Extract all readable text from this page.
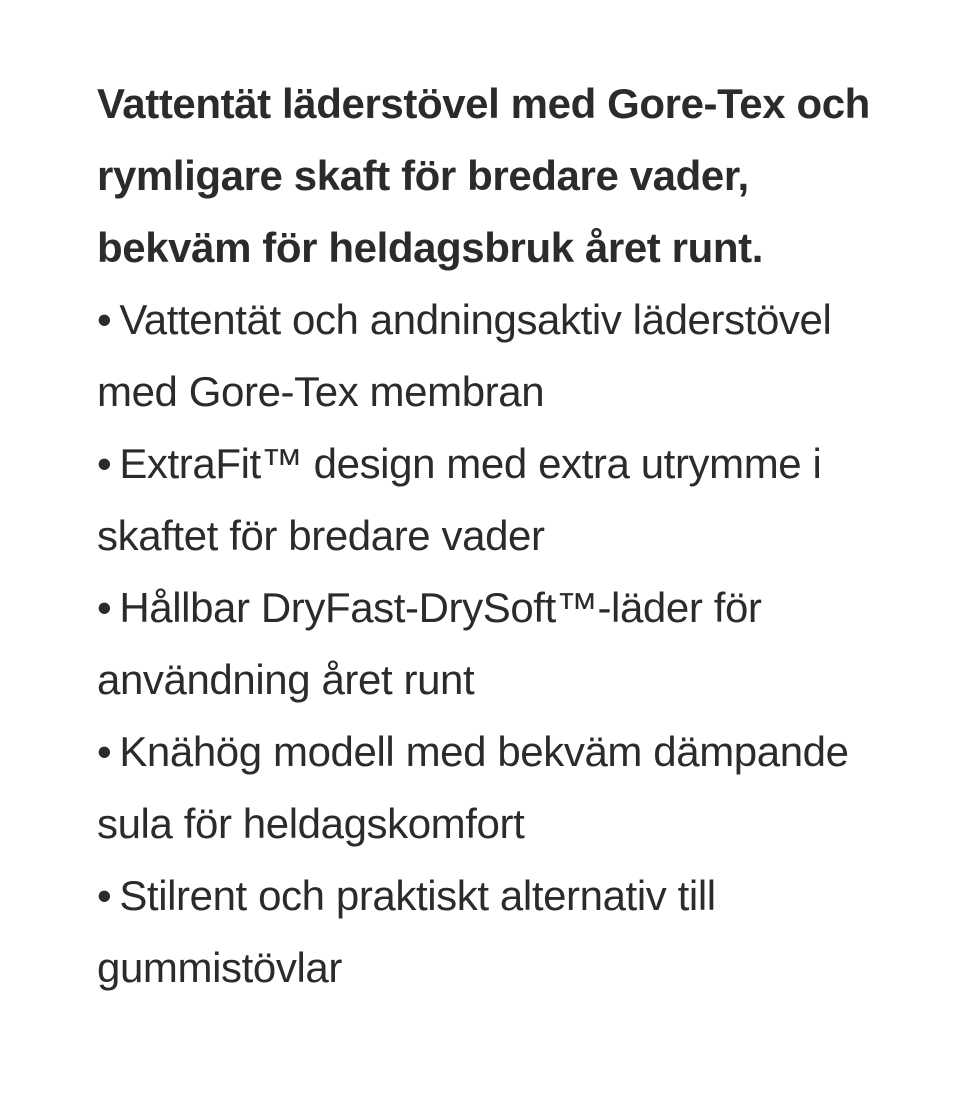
Vattentät läderstövel med Gore-Tex och rymligare skaft för bredare vader, bekväm för heldagsbruk året runt.

• Vattentät och andningsaktiv läderstövel med Gore-Tex membran
• ExtraFit™ design med extra utrymme i skaftet för bredare vader
• Hållbar DryFast-DrySoft™-läder för användning året runt
• Knähög modell med bekväm dämpande sula för heldagskomfort
• Stilrent och praktiskt alternativ till gummistövlar
